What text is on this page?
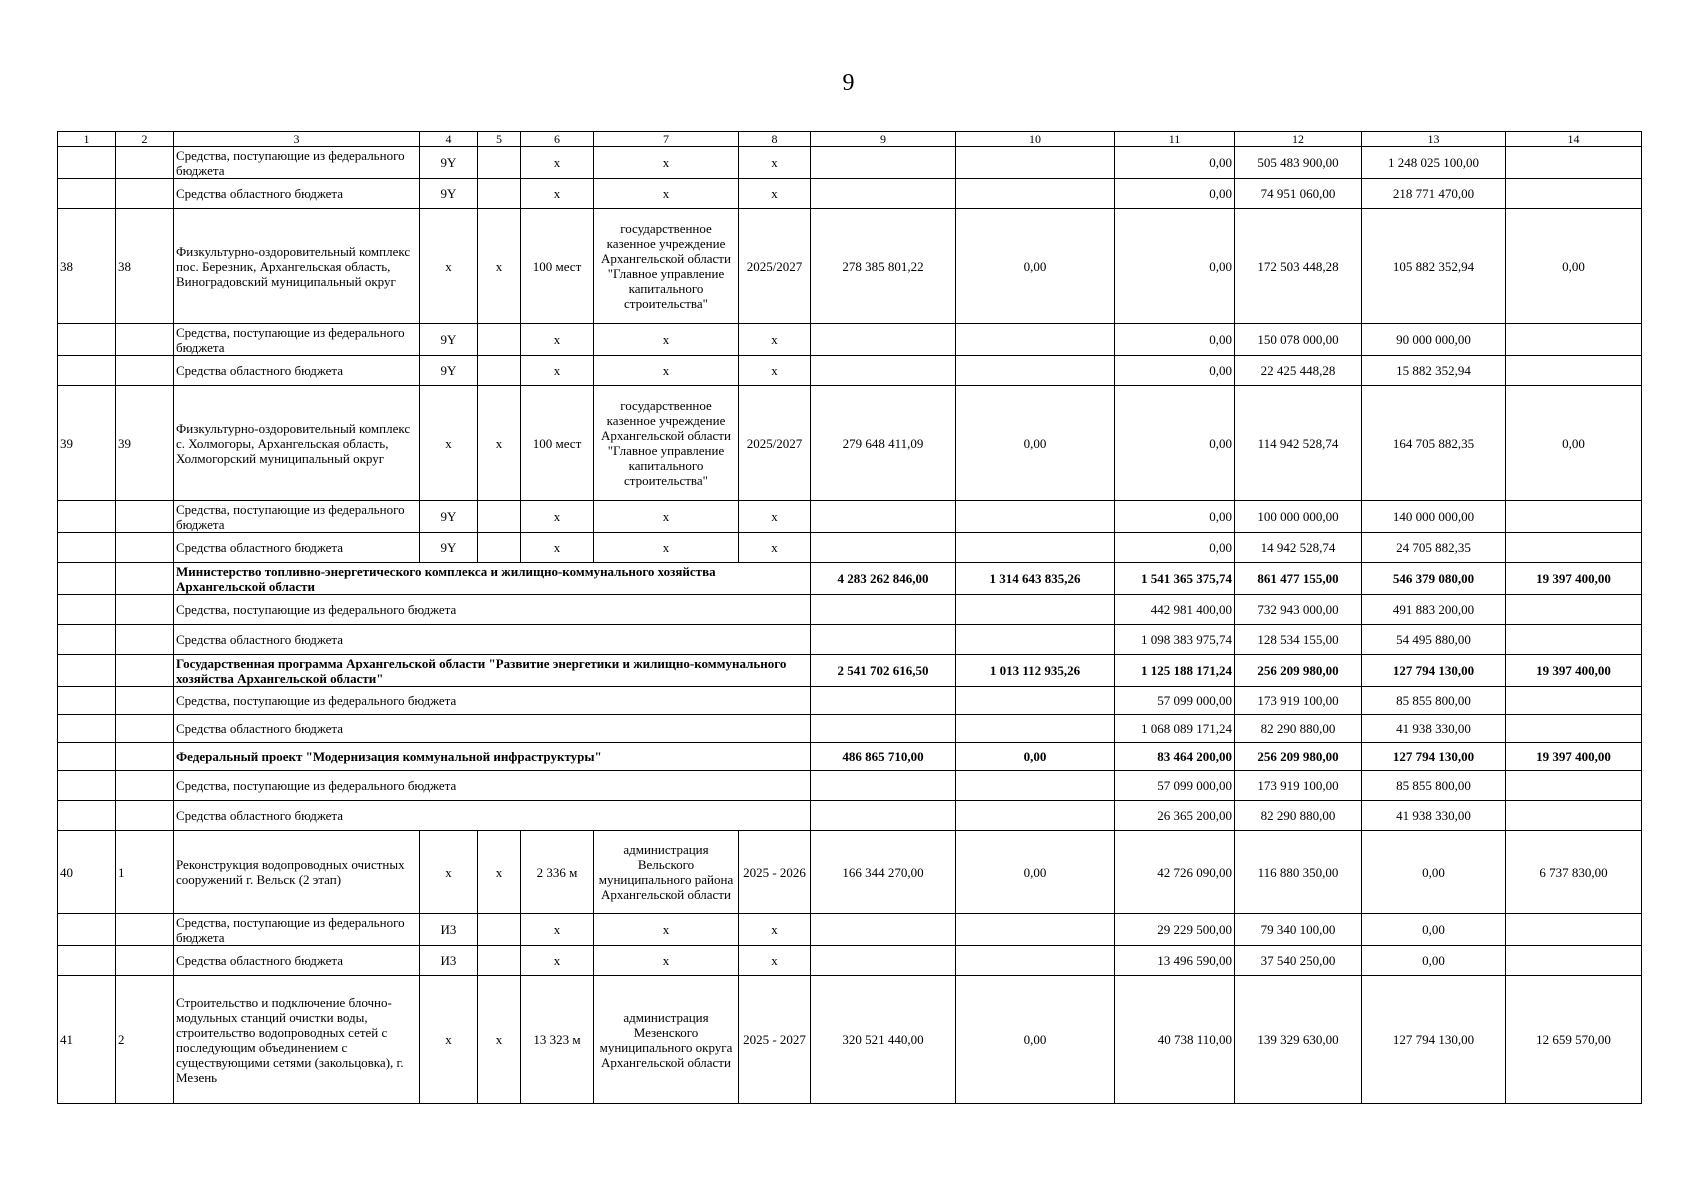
9
1	2	3	4	5	6	7	8	9	10	11	12	13	14
		Средства, поступающие из федерального бюджета	9Y		x	x	x			0,00	505 483 900,00	1 248 025 100,00	
		Средства областного бюджета	9Y		x	x	x			0,00	74 951 060,00	218 771 470,00	
38	38	Физкультурно-оздоровительный комплекс пос. Березник, Архангельская область, Виноградовский муниципальный округ	x	x	100 мест	государственное казенное учреждение Архангельской области "Главное управление капитального строительства"	2025/2027	278 385 801,22	0,00	0,00	172 503 448,28	105 882 352,94	0,00
		Средства, поступающие из федерального бюджета	9Y		x	x	x			0,00	150 078 000,00	90 000 000,00	
		Средства областного бюджета	9Y		x	x	x			0,00	22 425 448,28	15 882 352,94	
39	39	Физкультурно-оздоровительный комплекс с. Холмогоры, Архангельская область, Холмогорский муниципальный округ	x	x	100 мест	государственное казенное учреждение Архангельской области "Главное управление капитального строительства"	2025/2027	279 648 411,09	0,00	0,00	114 942 528,74	164 705 882,35	0,00
		Средства, поступающие из федерального бюджета	9Y		x	x	x			0,00	100 000 000,00	140 000 000,00	
		Средства областного бюджета	9Y		x	x	x			0,00	14 942 528,74	24 705 882,35	
		Министерство топливно-энергетического комплекса и жилищно-коммунального хозяйства Архангельской области						4 283 262 846,00	1 314 643 835,26	1 541 365 375,74	861 477 155,00	546 379 080,00	19 397 400,00
		Средства, поступающие из федерального бюджета								442 981 400,00	732 943 000,00	491 883 200,00	
		Средства областного бюджета								1 098 383 975,74	128 534 155,00	54 495 880,00	
		Государственная программа Архангельской области "Развитие энергетики и жилищно-коммунального хозяйства Архангельской области"						2 541 702 616,50	1 013 112 935,26	1 125 188 171,24	256 209 980,00	127 794 130,00	19 397 400,00
		Средства, поступающие из федерального бюджета								57 099 000,00	173 919 100,00	85 855 800,00	
		Средства областного бюджета								1 068 089 171,24	82 290 880,00	41 938 330,00	
		Федеральный проект "Модернизация коммунальной инфраструктуры"						486 865 710,00	0,00	83 464 200,00	256 209 980,00	127 794 130,00	19 397 400,00
		Средства, поступающие из федерального бюджета								57 099 000,00	173 919 100,00	85 855 800,00	
		Средства областного бюджета								26 365 200,00	82 290 880,00	41 938 330,00	
40	1	Реконструкция водопроводных очистных сооружений г. Вельск (2 этап)	x	x	2 336 м	администрация Вельского муниципального района Архангельской области	2025 - 2026	166 344 270,00	0,00	42 726 090,00	116 880 350,00	0,00	6 737 830,00
		Средства, поступающие из федерального бюджета	И3		x	x	x			29 229 500,00	79 340 100,00	0,00	
		Средства областного бюджета	И3		x	x	x			13 496 590,00	37 540 250,00	0,00	
41	2	Строительство и подключение блочно-модульных станций очистки воды, строительство водопроводных сетей с последующим объединением с существующими сетями (закольцовка), г. Мезень	x	x	13 323 м	администрация Мезенского муниципального округа Архангельской области	2025 - 2027	320 521 440,00	0,00	40 738 110,00	139 329 630,00	127 794 130,00	12 659 570,00
